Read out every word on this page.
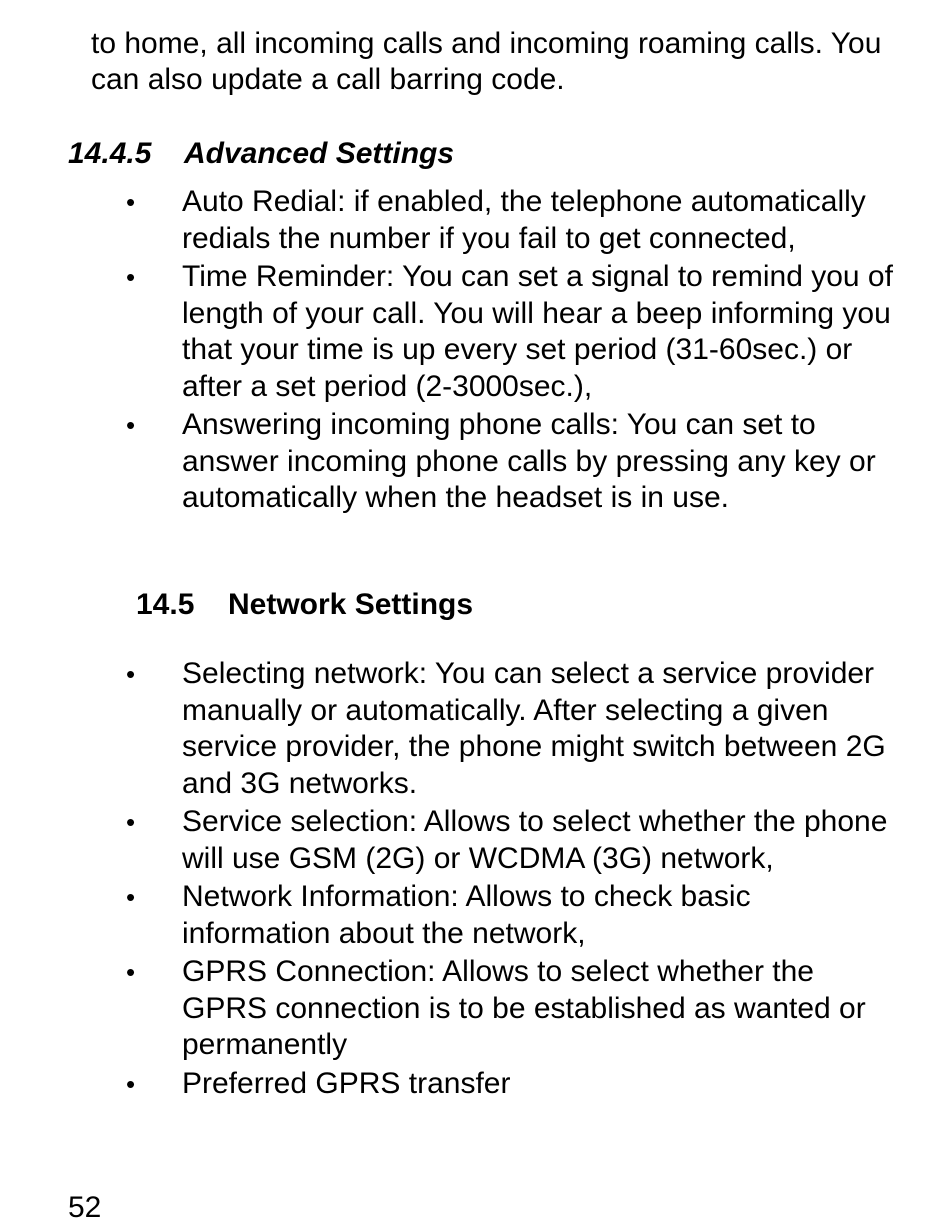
to home, all incoming calls and incoming roaming calls. You can also update a call barring code.

14.4.5 Advanced Settings
• Auto Redial: if enabled, the telephone automatically redials the number if you fail to get connected,
• Time Reminder: You can set a signal to remind you of length of your call. You will hear a beep informing you that your time is up every set period (31-60sec.) or after a set period (2-3000sec.),
• Answering incoming phone calls: You can set to answer incoming phone calls by pressing any key or automatically when the headset is in use.
14.5 Network Settings
• Selecting network: You can select a service provider manually or automatically. After selecting a given service provider, the phone might switch between 2G and 3G networks.
• Service selection: Allows to select whether the phone will use GSM (2G) or WCDMA (3G) network,
• Network Information: Allows to check basic information about the network,
• GPRS Connection: Allows to select whether the GPRS connection is to be established as wanted or permanently
• Preferred GPRS transfer

52
